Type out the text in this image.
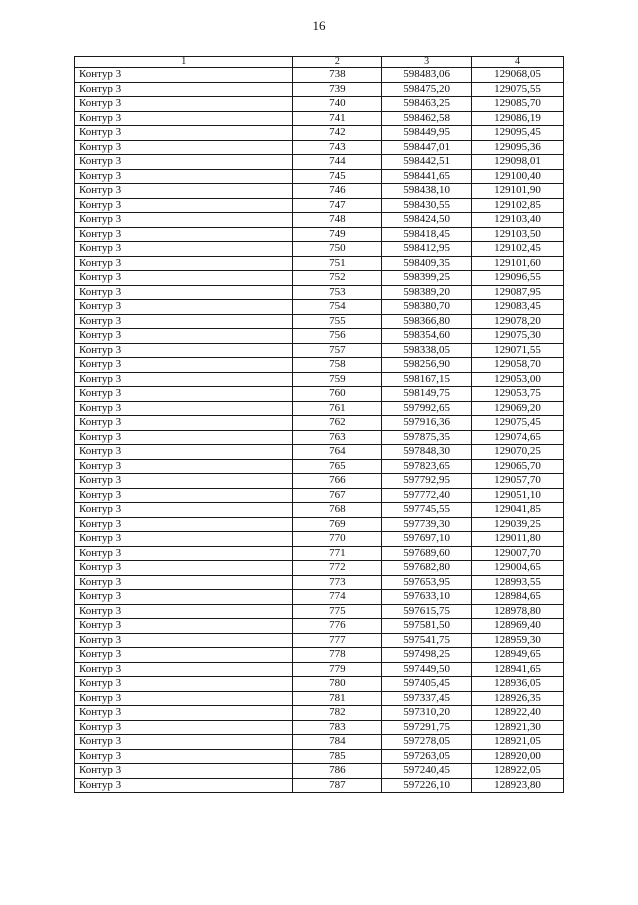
16
1	2	3	4
Контур 3	738	598483,06	129068,05
Контур 3	739	598475,20	129075,55
Контур 3	740	598463,25	129085,70
Контур 3	741	598462,58	129086,19
Контур 3	742	598449,95	129095,45
Контур 3	743	598447,01	129095,36
Контур 3	744	598442,51	129098,01
Контур 3	745	598441,65	129100,40
Контур 3	746	598438,10	129101,90
Контур 3	747	598430,55	129102,85
Контур 3	748	598424,50	129103,40
Контур 3	749	598418,45	129103,50
Контур 3	750	598412,95	129102,45
Контур 3	751	598409,35	129101,60
Контур 3	752	598399,25	129096,55
Контур 3	753	598389,20	129087,95
Контур 3	754	598380,70	129083,45
Контур 3	755	598366,80	129078,20
Контур 3	756	598354,60	129075,30
Контур 3	757	598338,05	129071,55
Контур 3	758	598256,90	129058,70
Контур 3	759	598167,15	129053,00
Контур 3	760	598149,75	129053,75
Контур 3	761	597992,65	129069,20
Контур 3	762	597916,36	129075,45
Контур 3	763	597875,35	129074,65
Контур 3	764	597848,30	129070,25
Контур 3	765	597823,65	129065,70
Контур 3	766	597792,95	129057,70
Контур 3	767	597772,40	129051,10
Контур 3	768	597745,55	129041,85
Контур 3	769	597739,30	129039,25
Контур 3	770	597697,10	129011,80
Контур 3	771	597689,60	129007,70
Контур 3	772	597682,80	129004,65
Контур 3	773	597653,95	128993,55
Контур 3	774	597633,10	128984,65
Контур 3	775	597615,75	128978,80
Контур 3	776	597581,50	128969,40
Контур 3	777	597541,75	128959,30
Контур 3	778	597498,25	128949,65
Контур 3	779	597449,50	128941,65
Контур 3	780	597405,45	128936,05
Контур 3	781	597337,45	128926,35
Контур 3	782	597310,20	128922,40
Контур 3	783	597291,75	128921,30
Контур 3	784	597278,05	128921,05
Контур 3	785	597263,05	128920,00
Контур 3	786	597240,45	128922,05
Контур 3	787	597226,10	128923,80
